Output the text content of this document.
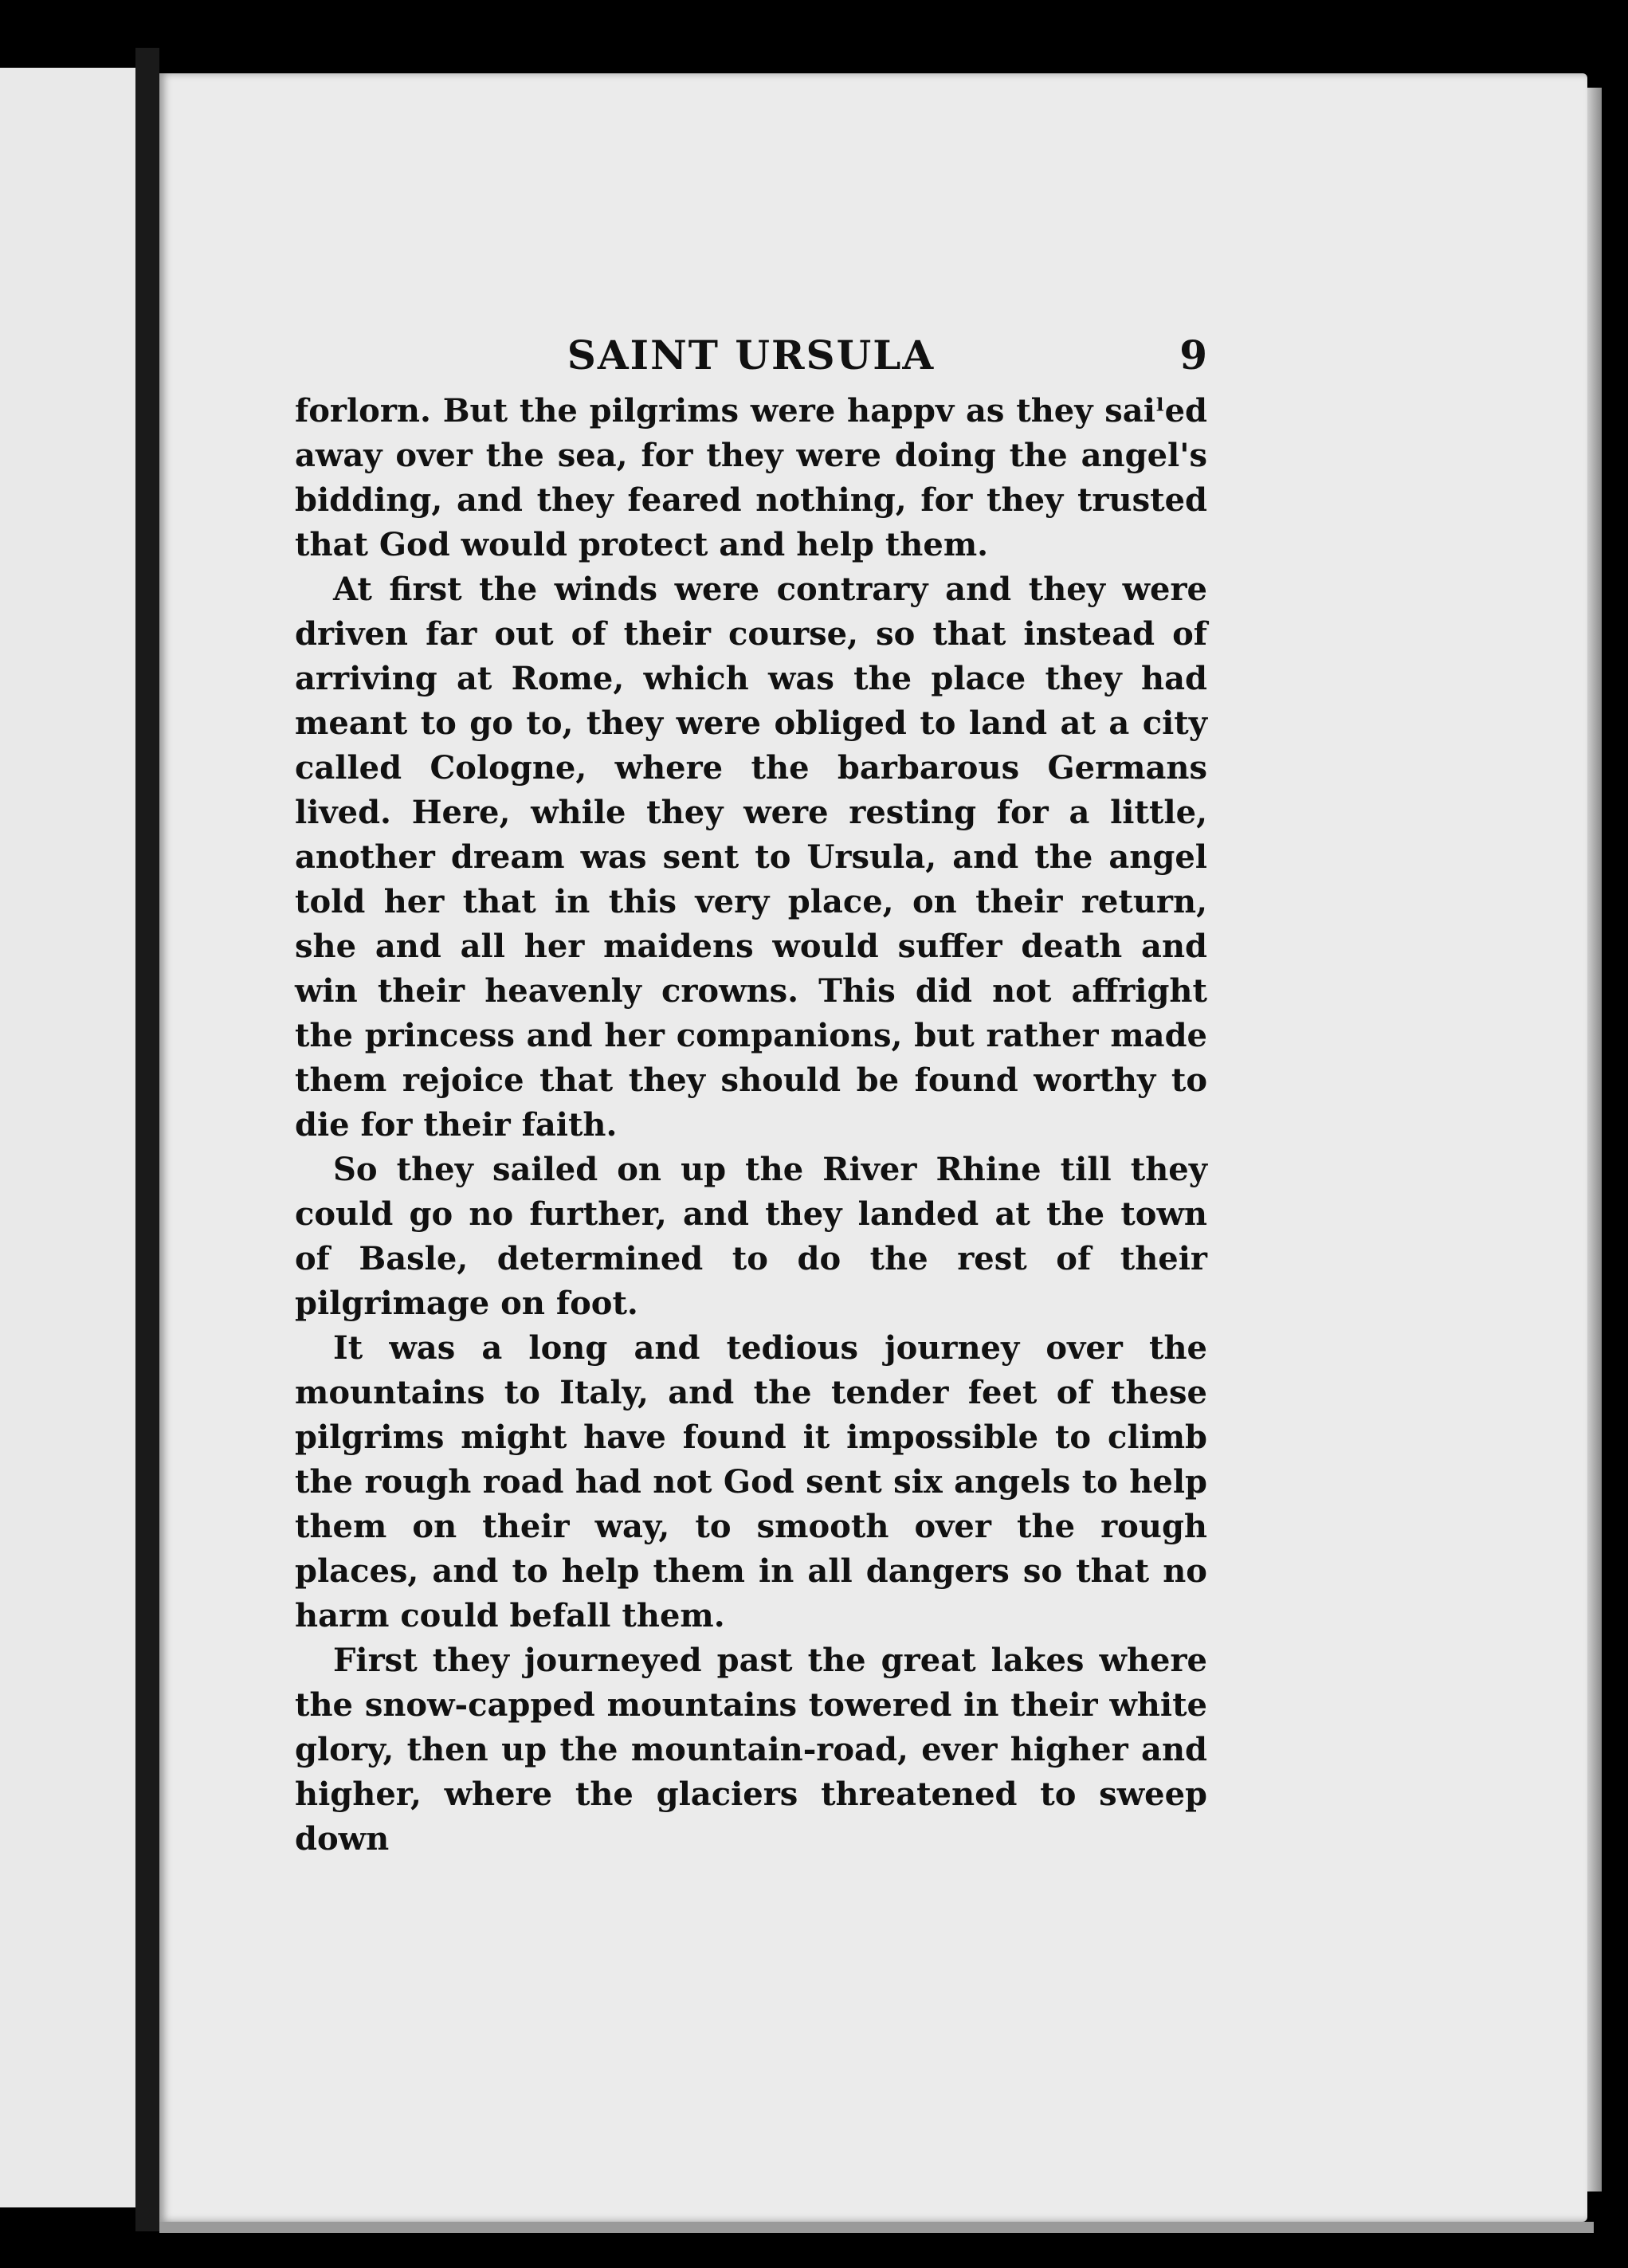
SAINT URSULA	9

forlorn. But the pilgrims were happv as they saiˡed away over the sea, for they were doing the angel's bidding, and they feared nothing, for they trusted that God would protect and help them.

At first the winds were contrary and they were driven far out of their course, so that instead of arriving at Rome, which was the place they had meant to go to, they were obliged to land at a city called Cologne, where the barbarous Germans lived. Here, while they were resting for a little, another dream was sent to Ursula, and the angel told her that in this very place, on their return, she and all her maidens would suffer death and win their heavenly crowns. This did not affright the princess and her companions, but rather made them rejoice that they should be found worthy to die for their faith.

So they sailed on up the River Rhine till they could go no further, and they landed at the town of Basle, determined to do the rest of their pilgrimage on foot.

It was a long and tedious journey over the mountains to Italy, and the tender feet of these pilgrims might have found it impossible to climb the rough road had not God sent six angels to help them on their way, to smooth over the rough places, and to help them in all dangers so that no harm could befall them.

First they journeyed past the great lakes where the snow-capped mountains towered in their white glory, then up the mountain-road, ever higher and higher, where the glaciers threatened to sweep down
